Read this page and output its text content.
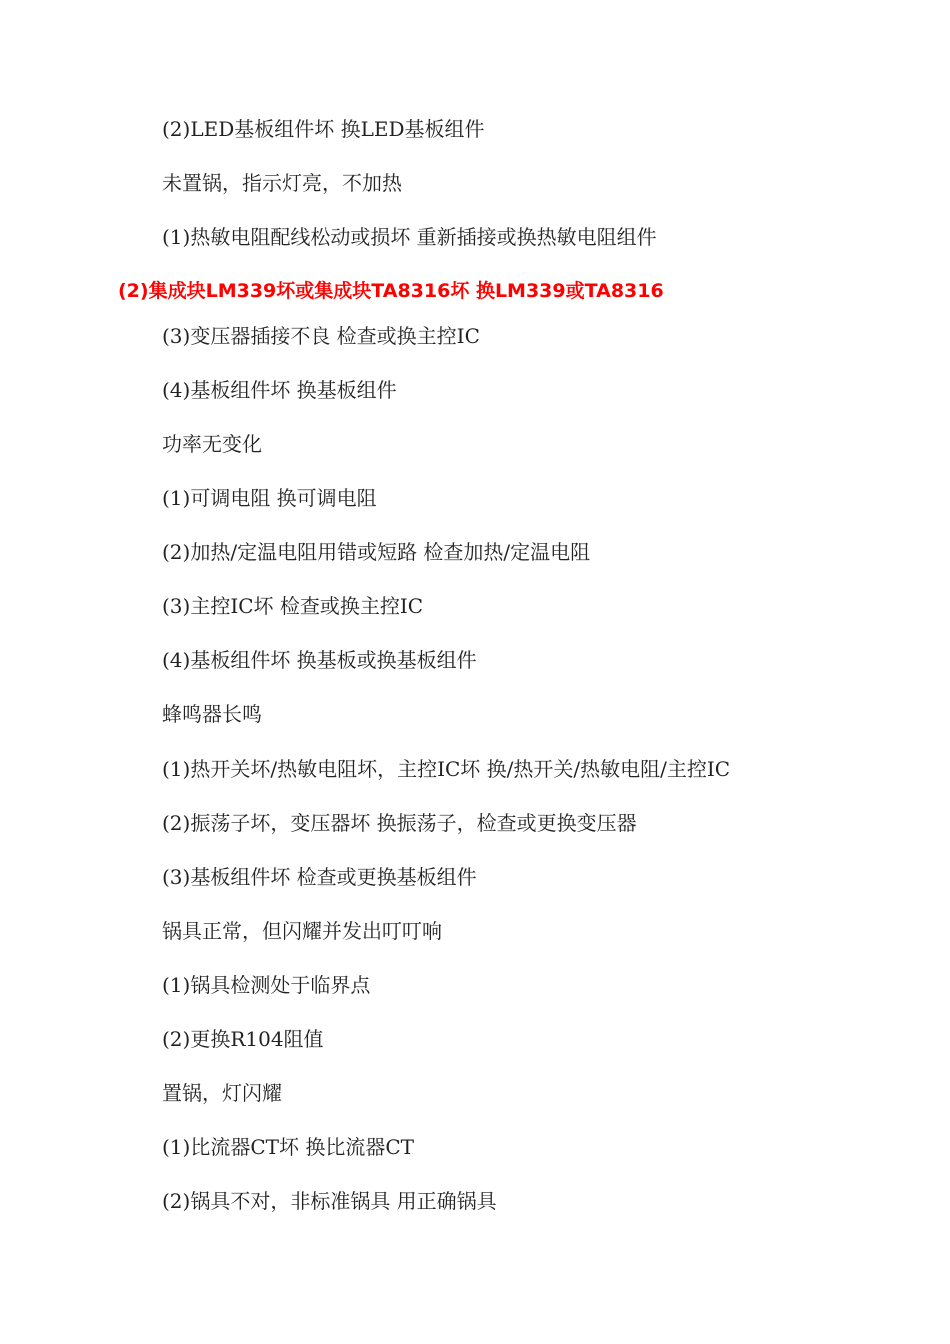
(2)LED基板组件坏 换LED基板组件
未置锅，指示灯亮，不加热
(1)热敏电阻配线松动或损坏 重新插接或换热敏电阻组件
(2)集成块LM339坏或集成块TA8316坏 换LM339或TA8316
(3)变压器插接不良 检查或换主控IC
(4)基板组件坏 换基板组件
功率无变化
(1)可调电阻 换可调电阻
(2)加热/定温电阻用错或短路 检查加热/定温电阻
(3)主控IC坏 检查或换主控IC
(4)基板组件坏 换基板或换基板组件
蜂鸣器长鸣
(1)热开关坏/热敏电阻坏，主控IC坏 换/热开关/热敏电阻/主控IC
(2)振荡子坏，变压器坏 换振荡子，检查或更换变压器
(3)基板组件坏 检查或更换基板组件
锅具正常，但闪耀并发出叮叮响
(1)锅具检测处于临界点
(2)更换R104阻值
置锅，灯闪耀
(1)比流器CT坏 换比流器CT
(2)锅具不对，非标准锅具 用正确锅具
